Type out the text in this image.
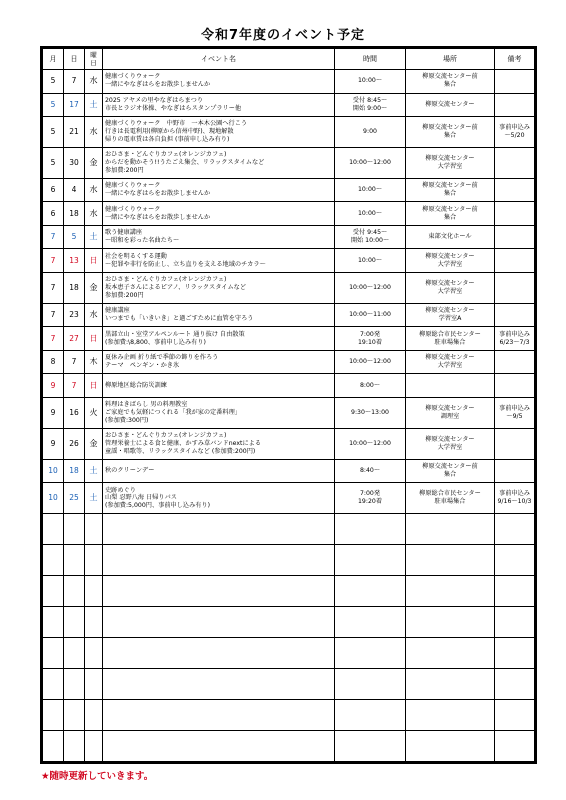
令和7年度のイベント予定
月	日	曜
日	イベント名	時間	場所	備考
5	7	水	健康づくりウォーク
一緒にやなぎはらをお散歩しませんか	10:00～	柳原交流センター前
集合	

5	17	土	2025 アヤメの里やなぎはらまつり
市長とラジオ体操、やなぎはらスタンプラリー他	受付 8:45～
開始 9:00～	柳原交流センター	

5	21	水	健康づくりウォーク　中野市　一本木公園へ行こう
行きは長電利用(柳原から信州中野)、現地解散
帰りの電車賃は各自負担 (事前申し込み有り)	9:00	柳原交流センター前
集合	事前申込み
～5/20

5	30	金	おひさま・どんぐりカフェ(オレンジカフェ)
からだを動かそう!!うたごえ集会、リラックスタイムなど
参加費:200円	10:00～12:00	柳原交流センター
大学習室	

6	4	水	健康づくりウォーク
一緒にやなぎはらをお散歩しませんか	10:00～	柳原交流センター前
集合	

6	18	水	健康づくりウォーク
一緒にやなぎはらをお散歩しませんか	10:00～	柳原交流センター前
集合	

7	5	土	歌う健康講座
～昭和を彩った名曲たち～	受付 9:45～
開始 10:00～	東部文化ホール	

7	13	日	社会を明るくする運動
～犯罪や非行を防止し、立ち直りを支える地域のチカラ～	10:00～	柳原交流センター
大学習室	

7	18	金	おひさま・どんぐりカフェ(オレンジカフェ)
坂本恵子さんによるピアノ、リラックスタイムなど
参加費:200円	10:00～12:00	柳原交流センター
大学習室	

7	23	水	健康講座
いつまでも「いきいき」と過ごすために血管を守ろう	10:00～11:00	柳原交流センター
学習室A	

7	27	日	黒部立山・室堂アルペンルート 通り抜け 自由散策
(参加費:\8,800、事前申し込み有り)	7:00発
19:10着	柳原総合市民センター
駐車場集合	事前申込み
6/23～7/3

8	7	木	夏休み企画 折り紙で季節の飾りを作ろう
テーマ　ペンギン・かき氷	10:00～12:00	柳原交流センター
大学習室	

9	7	日	柳原地区総合防災訓練	8:00～		

9	16	火	料理はきばらし 男の料理教室
ご家庭でも気軽につくれる「我が家の定番料理」
(参加費:300円)	9:30～13:00	柳原交流センター
調理室	事前申込み
～9/5

9	26	金	おひさま・どんぐりカフェ(オレンジカフェ)
管理栄養士による食と健康、かすみ草バンドnextによる
童謡・唱歌等、リラックスタイムなど (参加費:200円)	10:00～12:00	柳原交流センター
大学習室	

10	18	土	秋のクリーンデー	8:40～	柳原交流センター前
集合	

10	25	土	史跡めぐり
山梨 忍野八海 日帰りバス
(参加費:5,000円、事前申し込み有り)	7:00発
19:20着	柳原総合市民センター
駐車場集合	事前申込み
9/16～10/3

★随時更新していきます。
